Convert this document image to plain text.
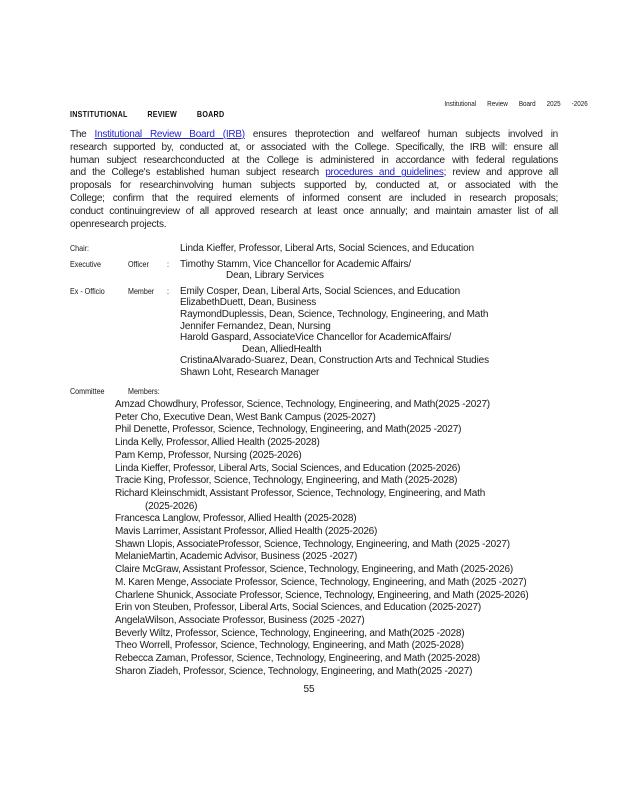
Institutional Review Board 2025 -2026
INSTITUTIONAL REVIEW BOARD
The Institutional Review Board (IRB) ensures theprotection and welfareof human subjects involved in
research supported by, conducted at, or associated with the College. Specifically, the IRB will: ensure all
human subject researchconducted at the College is administered in accordance with federal regulations
and the College's established human subject research procedures and guidelines; review and approve all
proposals for researchinvolving human subjects supported by, conducted at, or associated with the
College; confirm that the required elements of informed consent are included in research proposals;
conduct continuingreview of all approved research at least once annually; and maintain amaster list of all
openresearch projects.
Chair:	Linda Kieffer, Professor, Liberal Arts, Social Sciences, and Education
Executive	Officer	: Timothy Stamm, Vice Chancellor for Academic Affairs/
Dean, Library Services
Ex - Officio	Member	: Emily Cosper, Dean, Liberal Arts, Social Sciences, and Education
ElizabethDuett, Dean, Business
RaymondDuplessis, Dean, Science, Technology, Engineering, and Math
Jennifer Fernandez, Dean, Nursing
Harold Gaspard, AssociateVice Chancellor for AcademicAffairs/
Dean, AlliedHealth
CristinaAlvarado-Suarez, Dean, Construction Arts and Technical Studies
Shawn Loht, Research Manager
Committee	Members:
Amzad Chowdhury, Professor, Science, Technology, Engineering, and Math(2025 -2027)
Peter Cho, Executive Dean, West Bank Campus (2025-2027)
Phil Denette, Professor, Science, Technology, Engineering, and Math(2025 -2027)
Linda Kelly, Professor, Allied Health (2025-2028)
Pam Kemp, Professor, Nursing (2025-2026)
Linda Kieffer, Professor, Liberal Arts, Social Sciences, and Education (2025-2026)
Tracie King, Professor, Science, Technology, Engineering, and Math (2025-2028)
Richard Kleinschmidt, Assistant Professor, Science, Technology, Engineering, and Math
(2025-2026)
Francesca Langlow, Professor, Allied Health (2025-2028)
Mavis Larrimer, Assistant Professor, Allied Health (2025-2026)
Shawn Llopis, AssociateProfessor, Science, Technology, Engineering, and Math (2025 -2027)
MelanieMartin, Academic Advisor, Business (2025 -2027)
Claire McGraw, Assistant Professor, Science, Technology, Engineering, and Math (2025-2026)
M. Karen Menge, Associate Professor, Science, Technology, Engineering, and Math (2025 -2027)
Charlene Shunick, Associate Professor, Science, Technology, Engineering, and Math (2025-2026)
Erin von Steuben, Professor, Liberal Arts, Social Sciences, and Education (2025-2027)
AngelaWilson, Associate Professor, Business (2025 -2027)
Beverly Wiltz, Professor, Science, Technology, Engineering, and Math(2025 -2028)
Theo Worrell, Professor, Science, Technology, Engineering, and Math (2025-2028)
Rebecca Zaman, Professor, Science, Technology, Engineering, and Math (2025-2028)
Sharon Ziadeh, Professor, Science, Technology, Engineering, and Math(2025 -2027)
55
